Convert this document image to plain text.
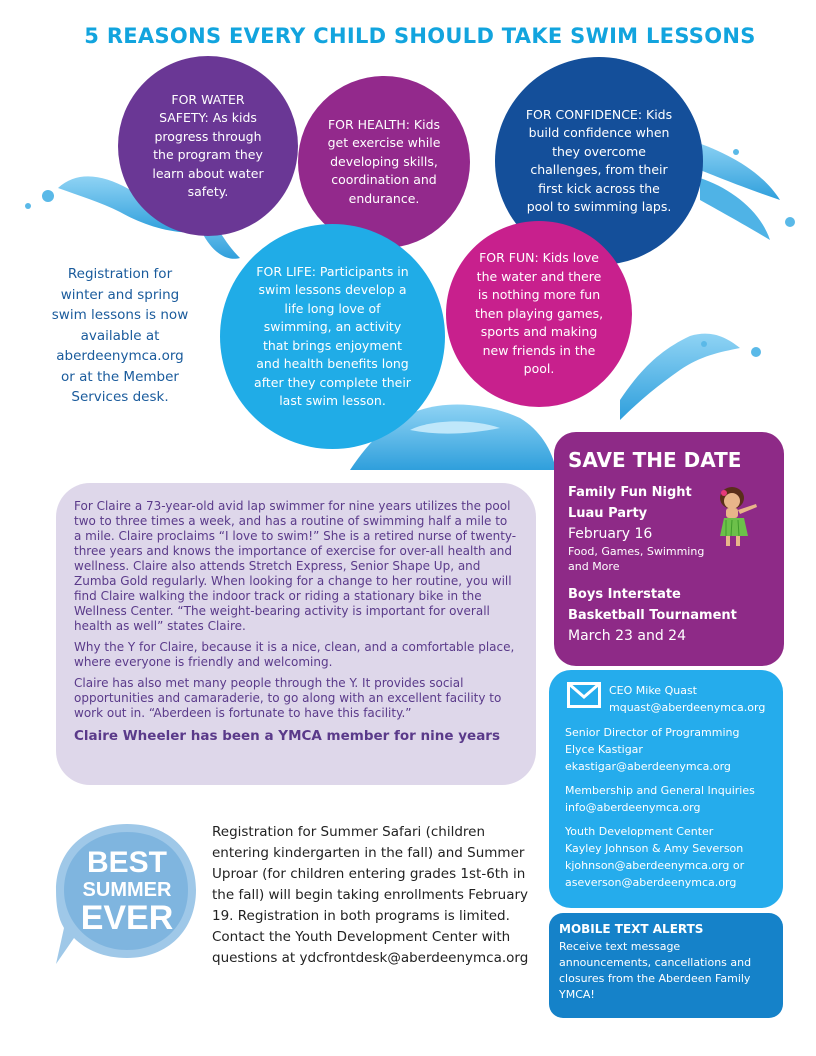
5 REASONS EVERY CHILD SHOULD TAKE SWIM LESSONS
FOR WATER SAFETY: As kids progress through the program they learn about water safety.
FOR HEALTH: Kids get exercise while developing skills, coordination and endurance.
FOR CONFIDENCE: Kids build confidence when they overcome challenges, from their first kick across the pool to swimming laps.
FOR LIFE: Participants in swim lessons develop a life long love of swimming, an activity that brings enjoyment and health benefits long after they complete their last swim lesson.
FOR FUN: Kids love the water and there is nothing more fun then playing games, sports and making new friends in the pool.
Registration for winter and spring swim lessons is now available at aberdeenymca.org or at the Member Services desk.

For Claire a 73-year-old avid lap swimmer for nine years utilizes the pool two to three times a week, and has a routine of swimming half a mile to a mile. Claire proclaims “I love to swim!” She is a retired nurse of twenty-three years and knows the importance of exercise for over-all health and wellness. Claire also attends Stretch Express, Senior Shape Up, and Zumba Gold regularly. When looking for a change to her routine, you will find Claire walking the indoor track or riding a stationary bike in the Wellness Center. “The weight-bearing activity is important for overall health as well” states Claire.

Why the Y for Claire, because it is a nice, clean, and a comfortable place, where everyone is friendly and welcoming.

Claire has also met many people through the Y. It provides social opportunities and camaraderie, to go along with an excellent facility to work out in. “Aberdeen is fortunate to have this facility.”

Claire Wheeler has been a YMCA member for nine years

SAVE THE DATE
Family Fun Night
Luau Party
February 16
Food, Games, Swimming and More
Boys Interstate
Basketball Tournament
March 23 and 24
CEO Mike Quast
mquast@aberdeenymca.org
Senior Director of Programming
Elyce Kastigar
ekastigar@aberdeenymca.org
Membership and General Inquiries
info@aberdeenymca.org
Youth Development Center
Kayley Johnson & Amy Severson
kjohnson@aberdeenymca.org or
aseverson@aberdeenymca.org
MOBILE TEXT ALERTS
Receive text message announcements, cancellations and closures from the Aberdeen Family YMCA!
BEST
SUMMER
EVER
Registration for Summer Safari (children entering kindergarten in the fall) and Summer Uproar (for children entering grades 1st-6th in the fall) will begin taking enrollments February 19. Registration in both programs is limited. Contact the Youth Development Center with questions at ydcfrontdesk@aberdeenymca.org
